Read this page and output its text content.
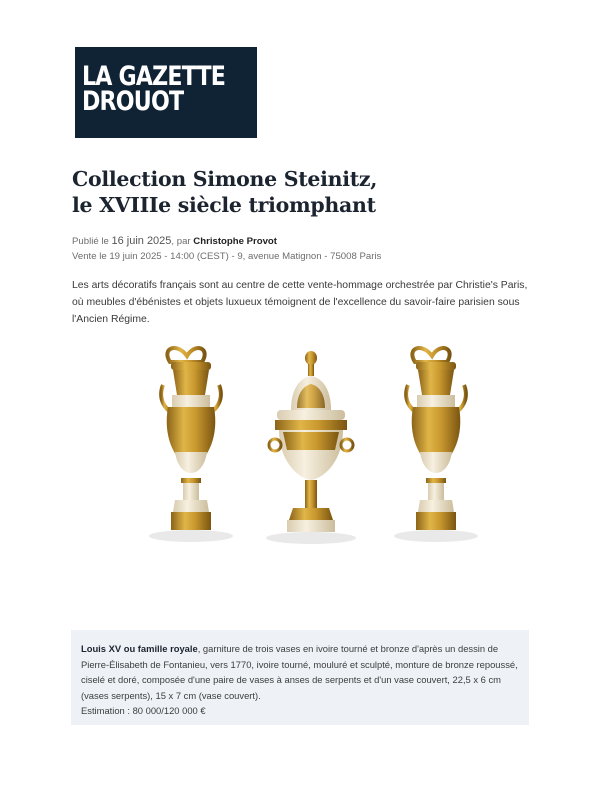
LA GAZETTE
DROUOT
Collection Simone Steinitz,
le XVIIIe siècle triomphant
Publié le 16 juin 2025, par Christophe Provot
Vente le 19 juin 2025 - 14:00 (CEST) - 9, avenue Matignon - 75008 Paris

Les arts décoratifs français sont au centre de cette vente-hommage orchestrée par Christie's Paris, où meubles d'ébénistes et objets luxueux témoignent de l'excellence du savoir-faire parisien sous l'Ancien Régime.

Louis XV ou famille royale, garniture de trois vases en ivoire tourné et bronze d'après un dessin de Pierre-Élisabeth de Fontanieu, vers 1770, ivoire tourné, mouluré et sculpté, monture de bronze repoussé, ciselé et doré, composée d'une paire de vases à anses de serpents et d'un vase couvert, 22,5 x 6 cm (vases serpents), 15 x 7 cm (vase couvert).
Estimation : 80 000/120 000 €
